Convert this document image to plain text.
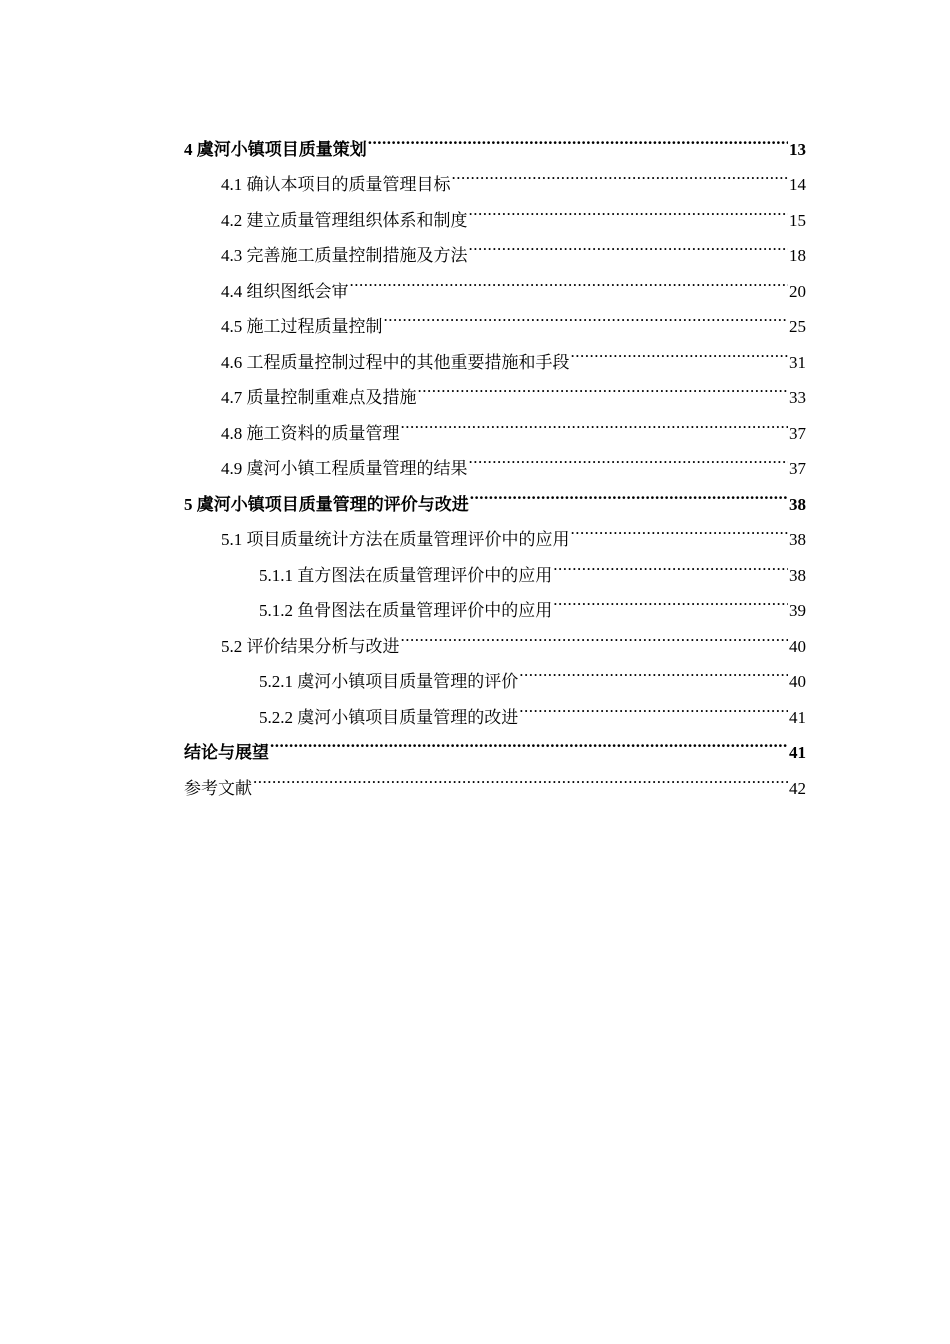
4 虞河小镇项目质量策划 .....	13
4.1 确认本项目的质量管理目标 .....	14
4.2 建立质量管理组织体系和制度 .....	15
4.3 完善施工质量控制措施及方法 .....	18
4.4 组织图纸会审 .....	20
4.5 施工过程质量控制 .....	25
4.6 工程质量控制过程中的其他重要措施和手段 .....	31
4.7 质量控制重难点及措施 .....	33
4.8 施工资料的质量管理 .....	37
4.9 虞河小镇工程质量管理的结果 .....	37
5 虞河小镇项目质量管理的评价与改进 .....	38
5.1 项目质量统计方法在质量管理评价中的应用 .....	38
5.1.1 直方图法在质量管理评价中的应用 .....	38
5.1.2 鱼骨图法在质量管理评价中的应用 .....	39
5.2 评价结果分析与改进 .....	40
5.2.1 虞河小镇项目质量管理的评价 .....	40
5.2.2 虞河小镇项目质量管理的改进 .....	41
结论与展望 .....	41
参考文献 .....	42
